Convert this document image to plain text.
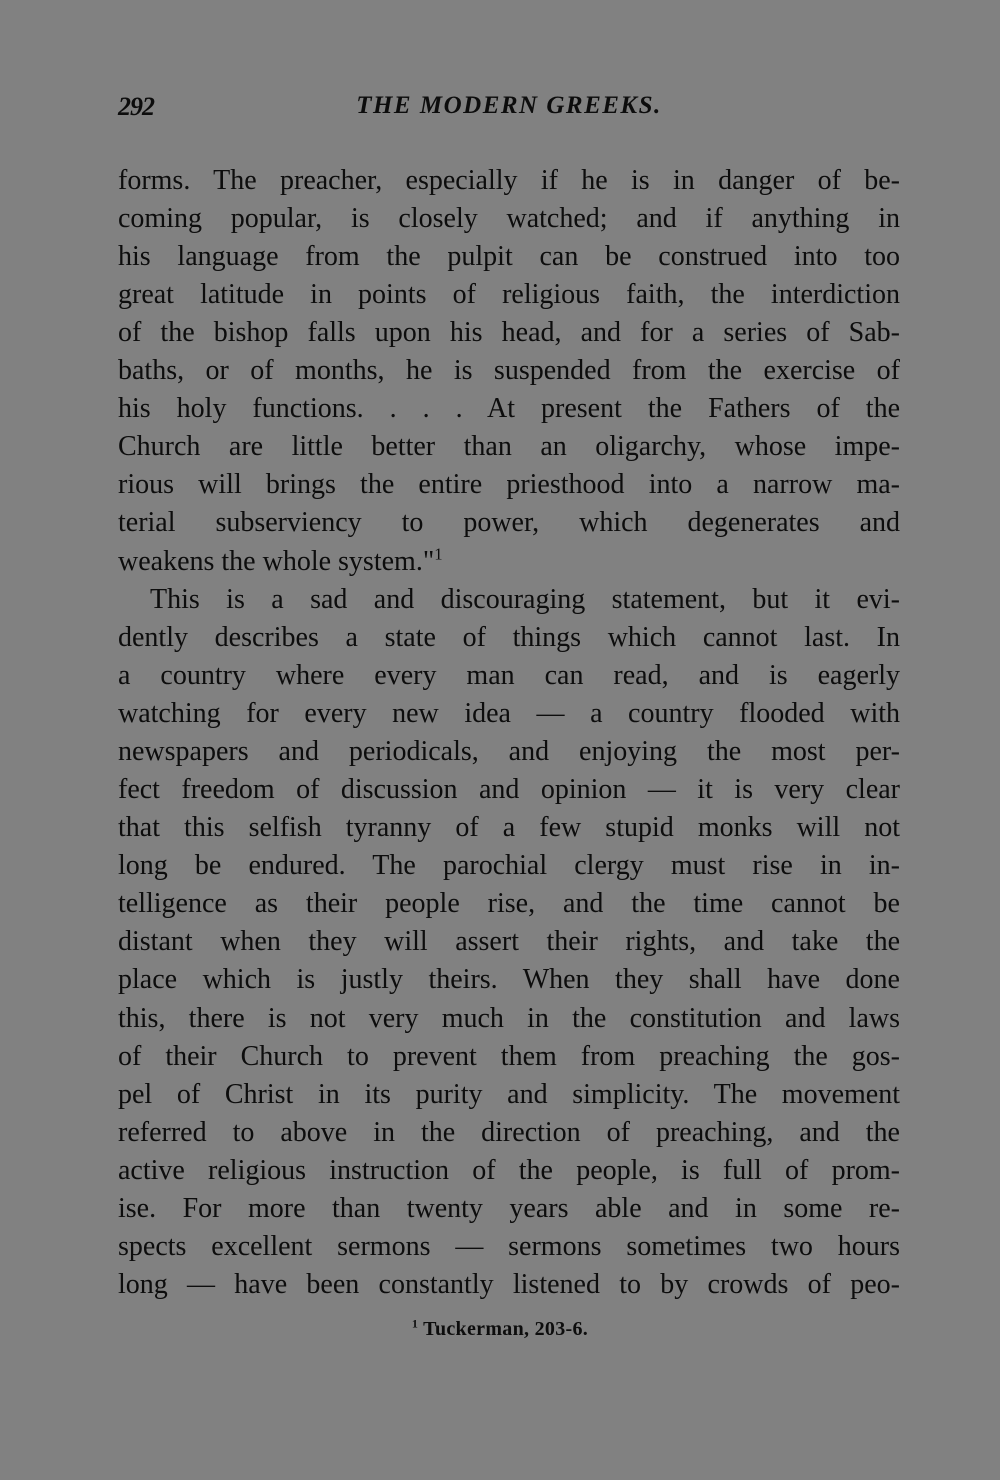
292	THE MODERN GREEKS.
forms. The preacher, especially if he is in danger of be-
coming popular, is closely watched; and if anything in
his language from the pulpit can be construed into too
great latitude in points of religious faith, the interdiction
of the bishop falls upon his head, and for a series of Sab-
baths, or of months, he is suspended from the exercise of
his holy functions. . . . At present the Fathers of the
Church are little better than an oligarchy, whose impe-
rious will brings the entire priesthood into a narrow ma-
terial subserviency to power, which degenerates and
weakens the whole system."$^1$
This is a sad and discouraging statement, but it evi-
dently describes a state of things which cannot last. In
a country where every man can read, and is eagerly
watching for every new idea — a country flooded with
newspapers and periodicals, and enjoying the most per-
fect freedom of discussion and opinion — it is very clear
that this selfish tyranny of a few stupid monks will not
long be endured. The parochial clergy must rise in in-
telligence as their people rise, and the time cannot be
distant when they will assert their rights, and take the
place which is justly theirs. When they shall have done
this, there is not very much in the constitution and laws
of their Church to prevent them from preaching the gos-
pel of Christ in its purity and simplicity. The movement
referred to above in the direction of preaching, and the
active religious instruction of the people, is full of prom-
ise. For more than twenty years able and in some re-
spects excellent sermons — sermons sometimes two hours
long — have been constantly listened to by crowds of peo-
$^1$ Tuckerman, 203-6.
